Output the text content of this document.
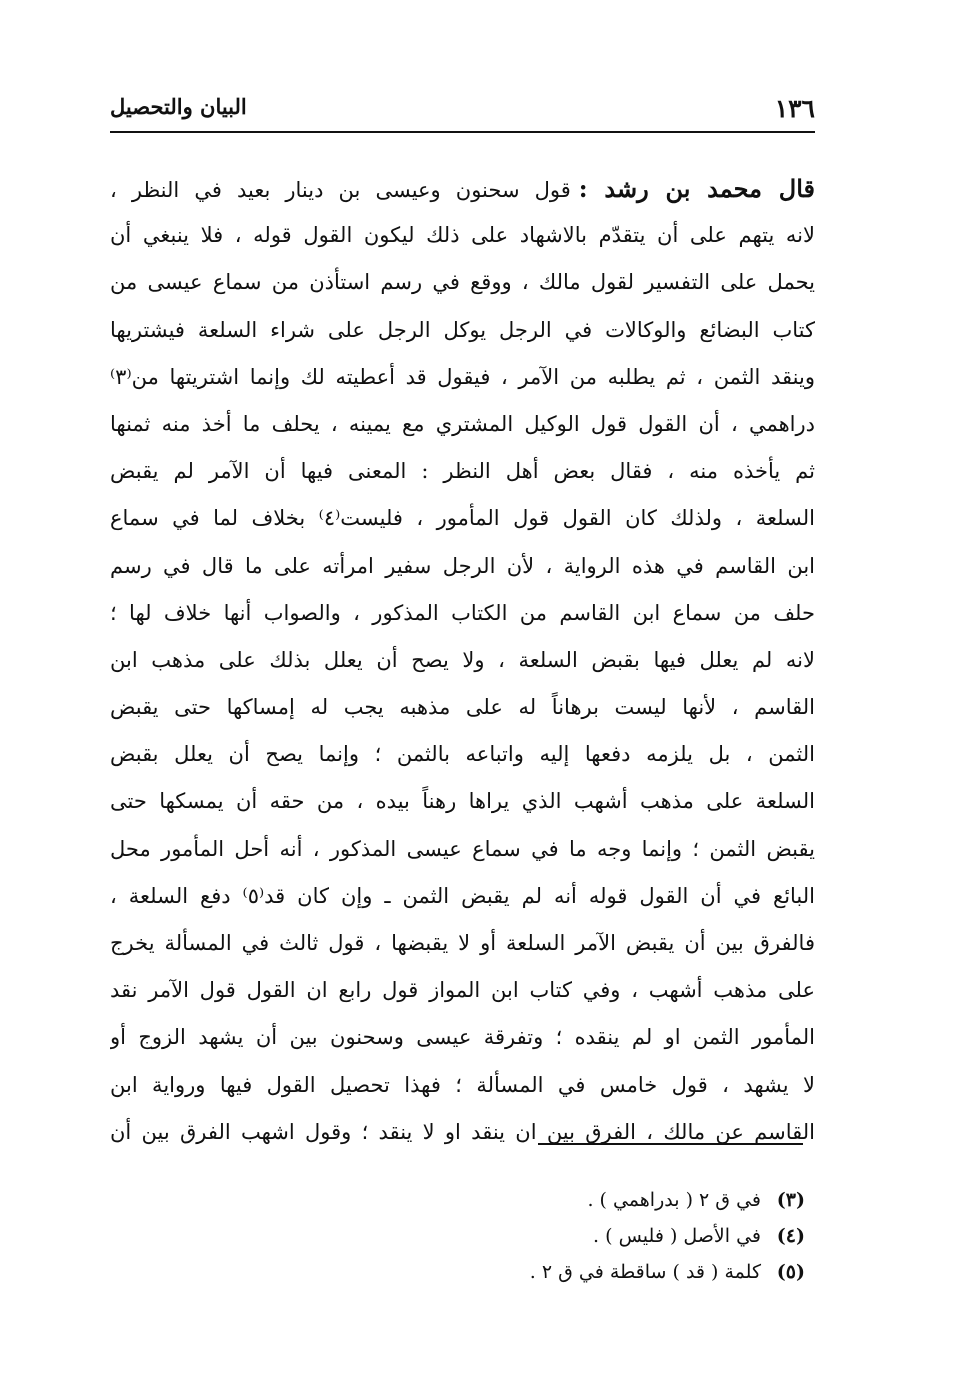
١٣٦
البيان والتحصيل
قال محمد بن رشد :قول سحنون وعيسى بن دينار بعيد في النظر ،
لانه يتهم على أن يتقدّم بالاشهاد على ذلك ليكون القول قوله ، فلا ينبغي أن
يحمل على التفسير لقول مالك ، ووقع في رسم استأذن من سماع عيسى من
كتاب البضائع والوكالات في الرجل يوكل الرجل على شراء السلعة فيشتريها
وينقد الثمن ، ثم يطلبه من الآمر ، فيقول قد أعطيته لك وإنما اشتريتها من⁽٣⁾
دراهمي ، أن القول قول الوكيل المشتري مع يمينه ، يحلف ما أخذ منه ثمنها
ثم يأخذه منه ، فقال بعض أهل النظر : المعنى فيها أن الآمر لم يقبض
السلعة ، ولذلك كان القول قول المأمور ، فليست⁽٤⁾ بخلاف لما في سماع
ابن القاسم في هذه الرواية ، لأن الرجل سفير امرأته على ما قال في رسم
حلف من سماع ابن القاسم من الكتاب المذكور ، والصواب أنها خلاف لها ؛
لانه لم يعلل فيها بقبض السلعة ، ولا يصح أن يعلل بذلك على مذهب ابن
القاسم ، لأنها ليست برهاناً له على مذهبه يجب له إمساكها حتى يقبض
الثمن ، بل يلزمه دفعها إليه واتباعه بالثمن ؛ وإنما يصح أن يعلل بقبض
السلعة على مذهب أشهب الذي يراها رهناً بيده ، من حقه أن يمسكها حتى
يقبض الثمن ؛ وإنما وجه ما في سماع عيسى المذكور ، أنه أحل المأمور محل
البائع في أن القول قوله أنه لم يقبض الثمن ـ وإن كان قد⁽٥⁾ دفع السلعة ،
فالفرق بين أن يقبض الآمر السلعة أو لا يقبضها ، قول ثالث في المسألة يخرج
على مذهب أشهب ، وفي كتاب ابن المواز قول رابع ان القول قول الآمر نقد
المأمور الثمن او لم ينقده ؛ وتفرقة عيسى وسحنون بين أن يشهد الزوج أو
لا يشهد ، قول خامس في المسألة ؛ فهذا تحصيل القول فيها ورواية ابن
القاسم عن مالك ، الفرق بين ان ينقد او لا ينقد ؛ وقول اشهب الفرق بين أن
(٣)في ق ٢ ( بدراهمي ) .
(٤)في الأصل ( فليس ) .
(٥)كلمة ( قد ) ساقطة في ق ٢ .
